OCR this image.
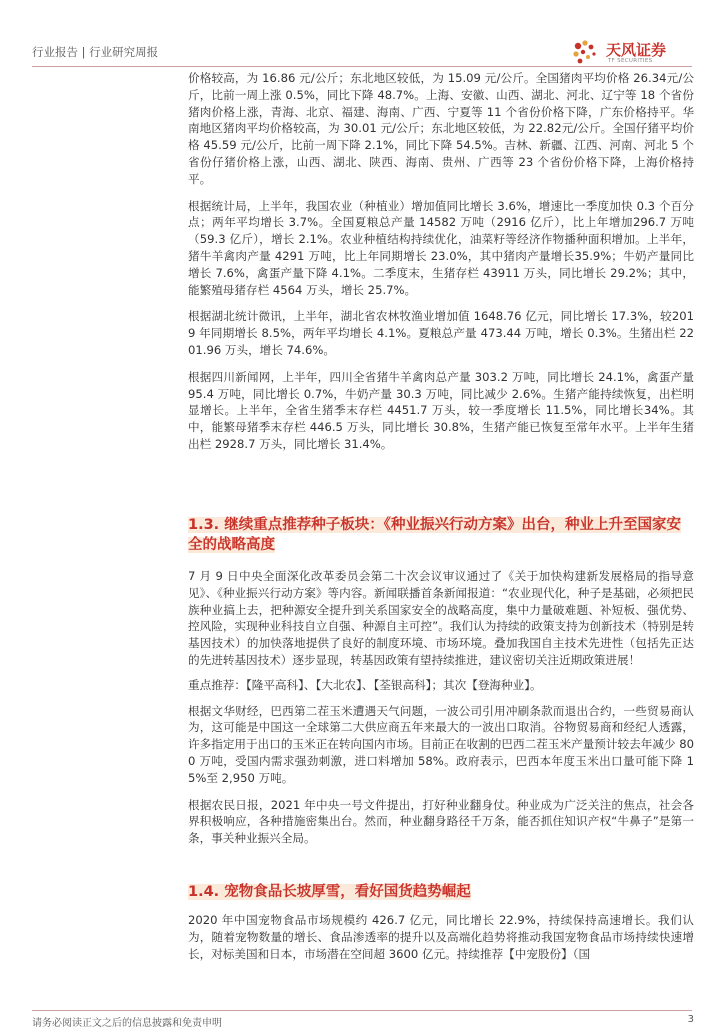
行业报告 | 行业研究周报	天风证券
TF SECURITIES
价格较高，为 16.86 元/公斤；东北地区较低，为 15.09 元/公斤。全国猪肉平均价格 26.34元/公斤，比前一周上涨 0.5%，同比下降 48.7%。上海、安徽、山西、湖北、河北、辽宁等 18 个省份猪肉价格上涨，青海、北京、福建、海南、广西、宁夏等 11 个省份价格下降，广东价格持平。华南地区猪肉平均价格较高，为 30.01 元/公斤；东北地区较低，为 22.82元/公斤。全国仔猪平均价格 45.59 元/公斤，比前一周下降 2.1%，同比下降 54.5%。吉林、新疆、江西、河南、河北 5 个省份仔猪价格上涨，山西、湖北、陕西、海南、贵州、广西等 23 个省份价格下降，上海价格持平。
根据统计局，上半年，我国农业（种植业）增加值同比增长 3.6%，增速比一季度加快 0.3 个百分点；两年平均增长 3.7%。全国夏粮总产量 14582 万吨（2916 亿斤），比上年增加296.7 万吨（59.3 亿斤），增长 2.1%。农业种植结构持续优化，油菜籽等经济作物播种面积增加。上半年，猪牛羊禽肉产量 4291 万吨，比上年同期增长 23.0%，其中猪肉产量增长35.9%；牛奶产量同比增长 7.6%，禽蛋产量下降 4.1%。二季度末，生猪存栏 43911 万头，同比增长 29.2%；其中，能繁殖母猪存栏 4564 万头，增长 25.7%。
根据湖北统计微讯，上半年，湖北省农林牧渔业增加值 1648.76 亿元，同比增长 17.3%，较2019 年同期增长 8.5%，两年平均增长 4.1%。夏粮总产量 473.44 万吨，增长 0.3%。生猪出栏 2201.96 万头，增长 74.6%。
根据四川新闻网，上半年，四川全省猪牛羊禽肉总产量 303.2 万吨，同比增长 24.1%，禽蛋产量 95.4 万吨，同比增长 0.7%，牛奶产量 30.3 万吨，同比减少 2.6%。生猪产能持续恢复，出栏明显增长。上半年，全省生猪季末存栏 4451.7 万头，较一季度增长 11.5%，同比增长34%。其中，能繁母猪季末存栏 446.5 万头，同比增长 30.8%，生猪产能已恢复至常年水平。上半年生猪出栏 2928.7 万头，同比增长 31.4%。
1.3. 继续重点推荐种子板块：《种业振兴行动方案》出台，种业上升至国家安全的战略高度
7 月 9 日中央全面深化改革委员会第二十次会议审议通过了《关于加快构建新发展格局的指导意见》、《种业振兴行动方案》等内容。新闻联播首条新闻报道：“农业现代化，种子是基础，必须把民族种业搞上去，把种源安全提升到关系国家安全的战略高度，集中力量破难题、补短板、强优势、控风险，实现种业科技自立自强、种源自主可控”。我们认为持续的政策支持为创新技术（特别是转基因技术）的加快落地提供了良好的制度环境、市场环境。叠加我国自主技术先进性（包括先正达的先进转基因技术）逐步显现，转基因政策有望持续推进，建议密切关注近期政策进展！
重点推荐：【隆平高科】、【大北农】、【荃银高科】；其次【登海种业】。
根据文华财经，巴西第二茬玉米遭遇天气问题，一波公司引用冲刷条款而退出合约，一些贸易商认为，这可能是中国这一全球第二大供应商五年来最大的一波出口取消。谷物贸易商和经纪人透露，许多指定用于出口的玉米正在转向国内市场。目前正在收割的巴西二茬玉米产量预计较去年减少 800 万吨，受国内需求强劲刺激，进口料增加 58%。政府表示，巴西本年度玉米出口量可能下降 15%至 2,950 万吨。
根据农民日报，2021 年中央一号文件提出，打好种业翻身仗。种业成为广泛关注的焦点，社会各界积极响应，各种措施密集出台。然而，种业翻身路径千万条，能否抓住知识产权“牛鼻子”是第一条，事关种业振兴全局。
1.4. 宠物食品长坡厚雪，看好国货趋势崛起
2020 年中国宠物食品市场规模约 426.7 亿元，同比增长 22.9%，持续保持高速增长。我们认为，随着宠物数量的增长、食品渗透率的提升以及高端化趋势将推动我国宠物食品市场持续快速增长，对标美国和日本，市场潜在空间超 3600 亿元。持续推荐【中宠股份】（国
请务必阅读正文之后的信息披露和免责申明	3
